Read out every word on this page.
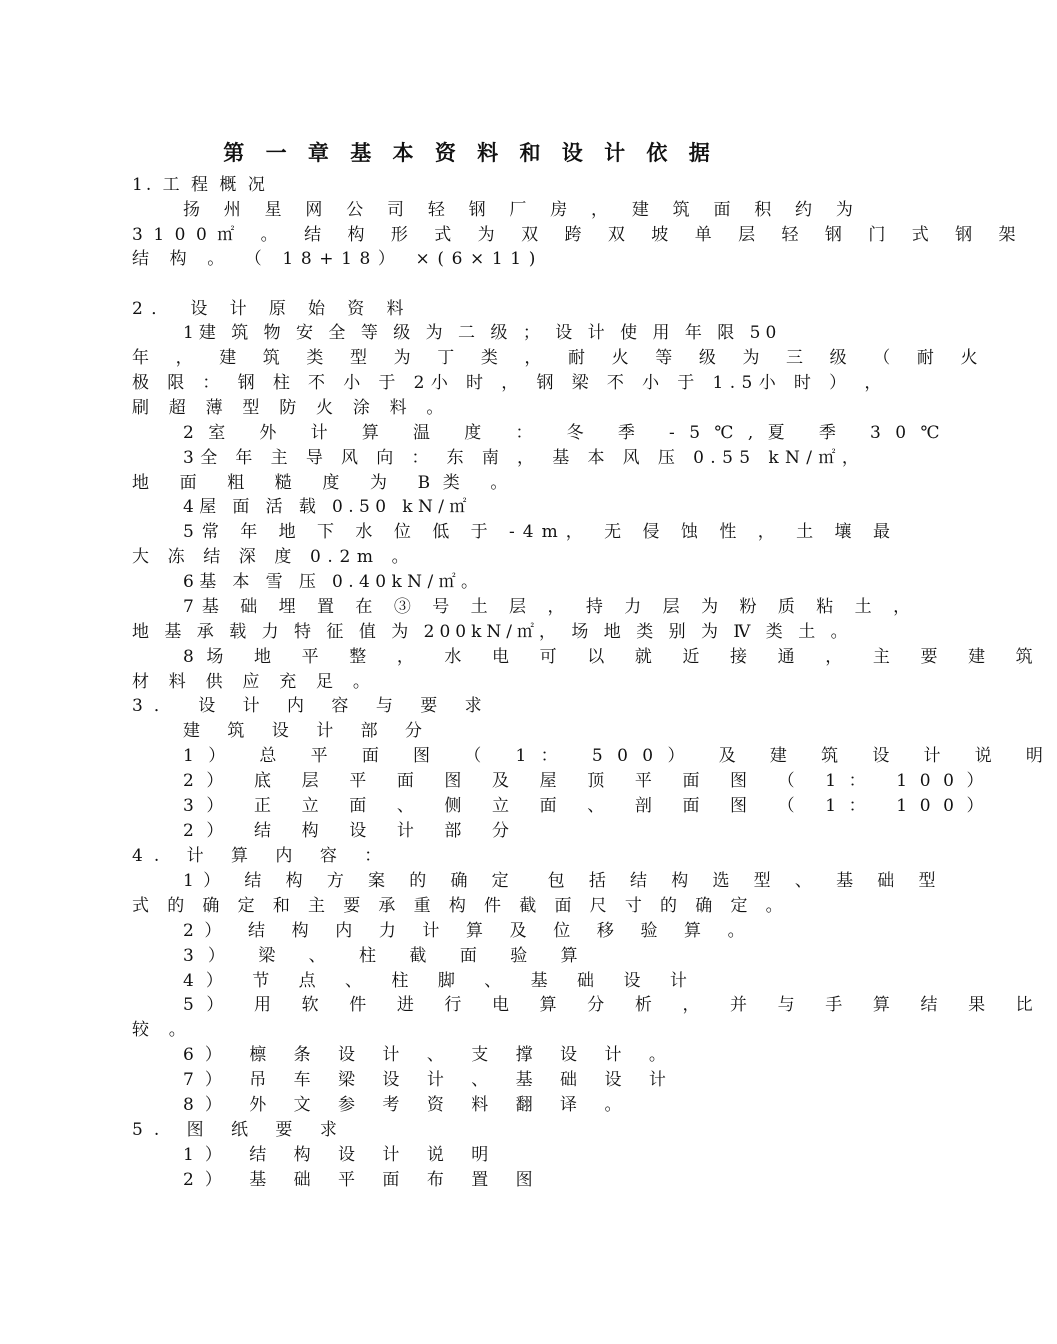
第 一 章 基 本 资 料 和 设 计 依 据
1. 工 程 概 况
扬 州 星 网 公 司 轻 钢 厂 房 ， 建 筑 面 积 约 为
3100㎡ 。 结 构 形 式 为 双 跨 双 坡 单 层 轻 钢 门 式 钢 架
结 构 。 （ 18+18） ×(6×11)
2． 设 计 原 始 资 料
1建 筑 物 安 全 等 级 为 二 级 ； 设 计 使 用 年 限 50
年 ， 建 筑 类 型 为 丁 类 ， 耐 火 等 级 为 三 级 （ 耐 火
极 限 ： 钢 柱 不 小 于 2小 时 ， 钢 梁 不 小 于 1.5小 时 ） ，
刷 超 薄 型 防 火 涂 料 。
2室 外 计 算 温 度 ： 冬 季 -5℃,夏 季 30℃
3全 年 主 导 风 向 ： 东 南 ， 基 本 风 压 0.55 kN/㎡，
地 面 粗 糙 度 为 B类 。
4屋 面 活 载 0.50 kN/㎡
5常 年 地 下 水 位 低 于 -4m， 无 侵 蚀 性 ， 土 壤 最
大 冻 结 深 度 0.2m 。
6基 本 雪 压 0.40kN/㎡。
7基 础 埋 置 在 ③ 号 土 层 ， 持 力 层 为 粉 质 粘 土 ，
地 基 承 载 力 特 征 值 为 200kN/㎡， 场 地 类 别 为 Ⅳ 类 土 。
8场 地 平 整 ， 水 电 可 以 就 近 接 通 ， 主 要 建 筑
材 料 供 应 充 足 。
3． 设 计 内 容 与 要 求
建 筑 设 计 部 分
1） 总 平 面 图 （ 1： 500） 及 建 筑 设 计 说 明
2） 底 层 平 面 图 及 屋 顶 平 面 图 （ 1： 100）
3） 正 立 面 、 侧 立 面 、 剖 面 图 （ 1： 100）
2） 结 构 设 计 部 分
4. 计 算 内 容 ：
1） 结 构 方 案 的 确 定  包 括 结 构 选 型 、 基 础 型
式 的 确 定 和 主 要 承 重 构 件 截 面 尺 寸 的 确 定 。
2） 结 构 内 力 计 算 及 位 移 验 算 。
3） 梁 、 柱 截 面 验 算
4） 节 点 、 柱 脚 、 基 础 设 计
5） 用 软 件 进 行 电 算 分 析 ， 并 与 手 算 结 果 比
较 。
6） 檩 条 设 计 、 支 撑 设 计 。
7） 吊 车 梁 设 计 、 基 础 设 计
8） 外 文 参 考 资 料 翻 译 。
5. 图 纸 要 求
1） 结 构 设 计 说 明
2） 基 础 平 面 布 置 图
